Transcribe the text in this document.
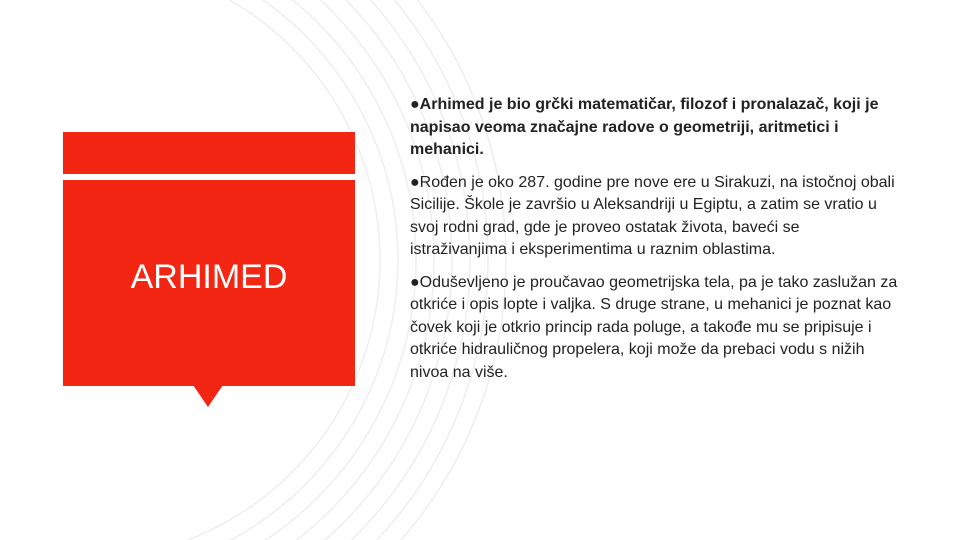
ARHIMED

●Arhimed je bio grčki matematičar, filozof i pronalazač, koji je napisao veoma značajne radove o geometriji, aritmetici i mehanici.

●Rođen je oko 287. godine pre nove ere u Sirakuzi, na istočnoj obali Sicilije. Škole je završio u Aleksandriji u Egiptu, a zatim se vratio u svoj rodni grad, gde je proveo ostatak života, baveći se istraživanjima i eksperimentima u raznim oblastima.

●Oduševljeno je proučavao geometrijska tela, pa je tako zaslužan za otkriće i opis lopte i valjka. S druge strane, u mehanici je poznat kao čovek koji je otkrio princip rada poluge, a takođe mu se pripisuje i otkriće hidrauličnog propelera, koji može da prebaci vodu s nižih nivoa na više.
